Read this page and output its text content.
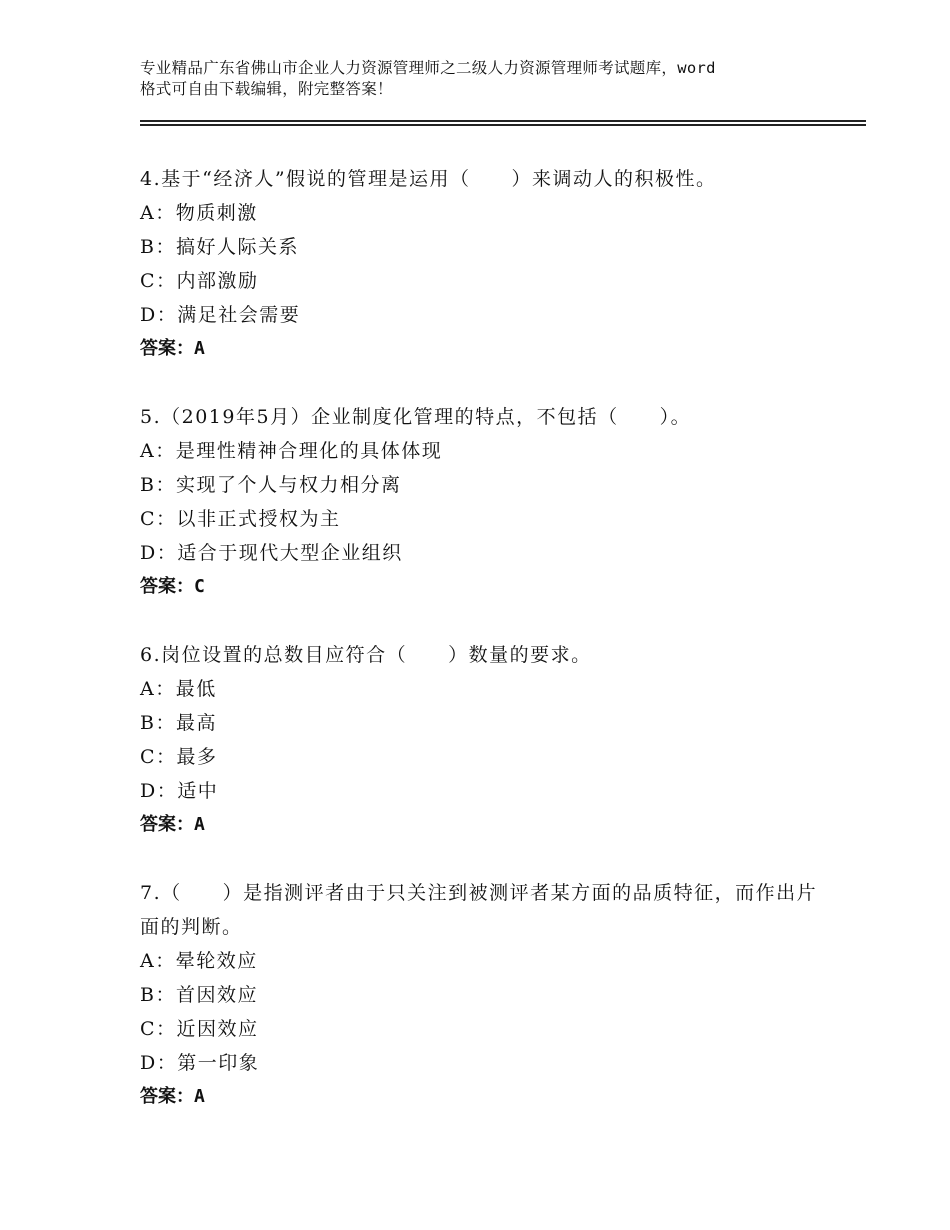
专业精品广东省佛山市企业人力资源管理师之二级人力资源管理师考试题库，word
格式可自由下载编辑，附完整答案！
4.基于“经济人”假说的管理是运用（　　）来调动人的积极性。
A：物质刺激
B：搞好人际关系
C：内部激励
D：满足社会需要
答案：A
5.（2019年5月）企业制度化管理的特点，不包括（　　）。
A：是理性精神合理化的具体体现
B：实现了个人与权力相分离
C：以非正式授权为主
D：适合于现代大型企业组织
答案：C
6.岗位设置的总数目应符合（　　）数量的要求。
A：最低
B：最高
C：最多
D：适中
答案：A
7.（　　）是指测评者由于只关注到被测评者某方面的品质特征，而作出片面的判断。
A：晕轮效应
B：首因效应
C：近因效应
D：第一印象
答案：A
